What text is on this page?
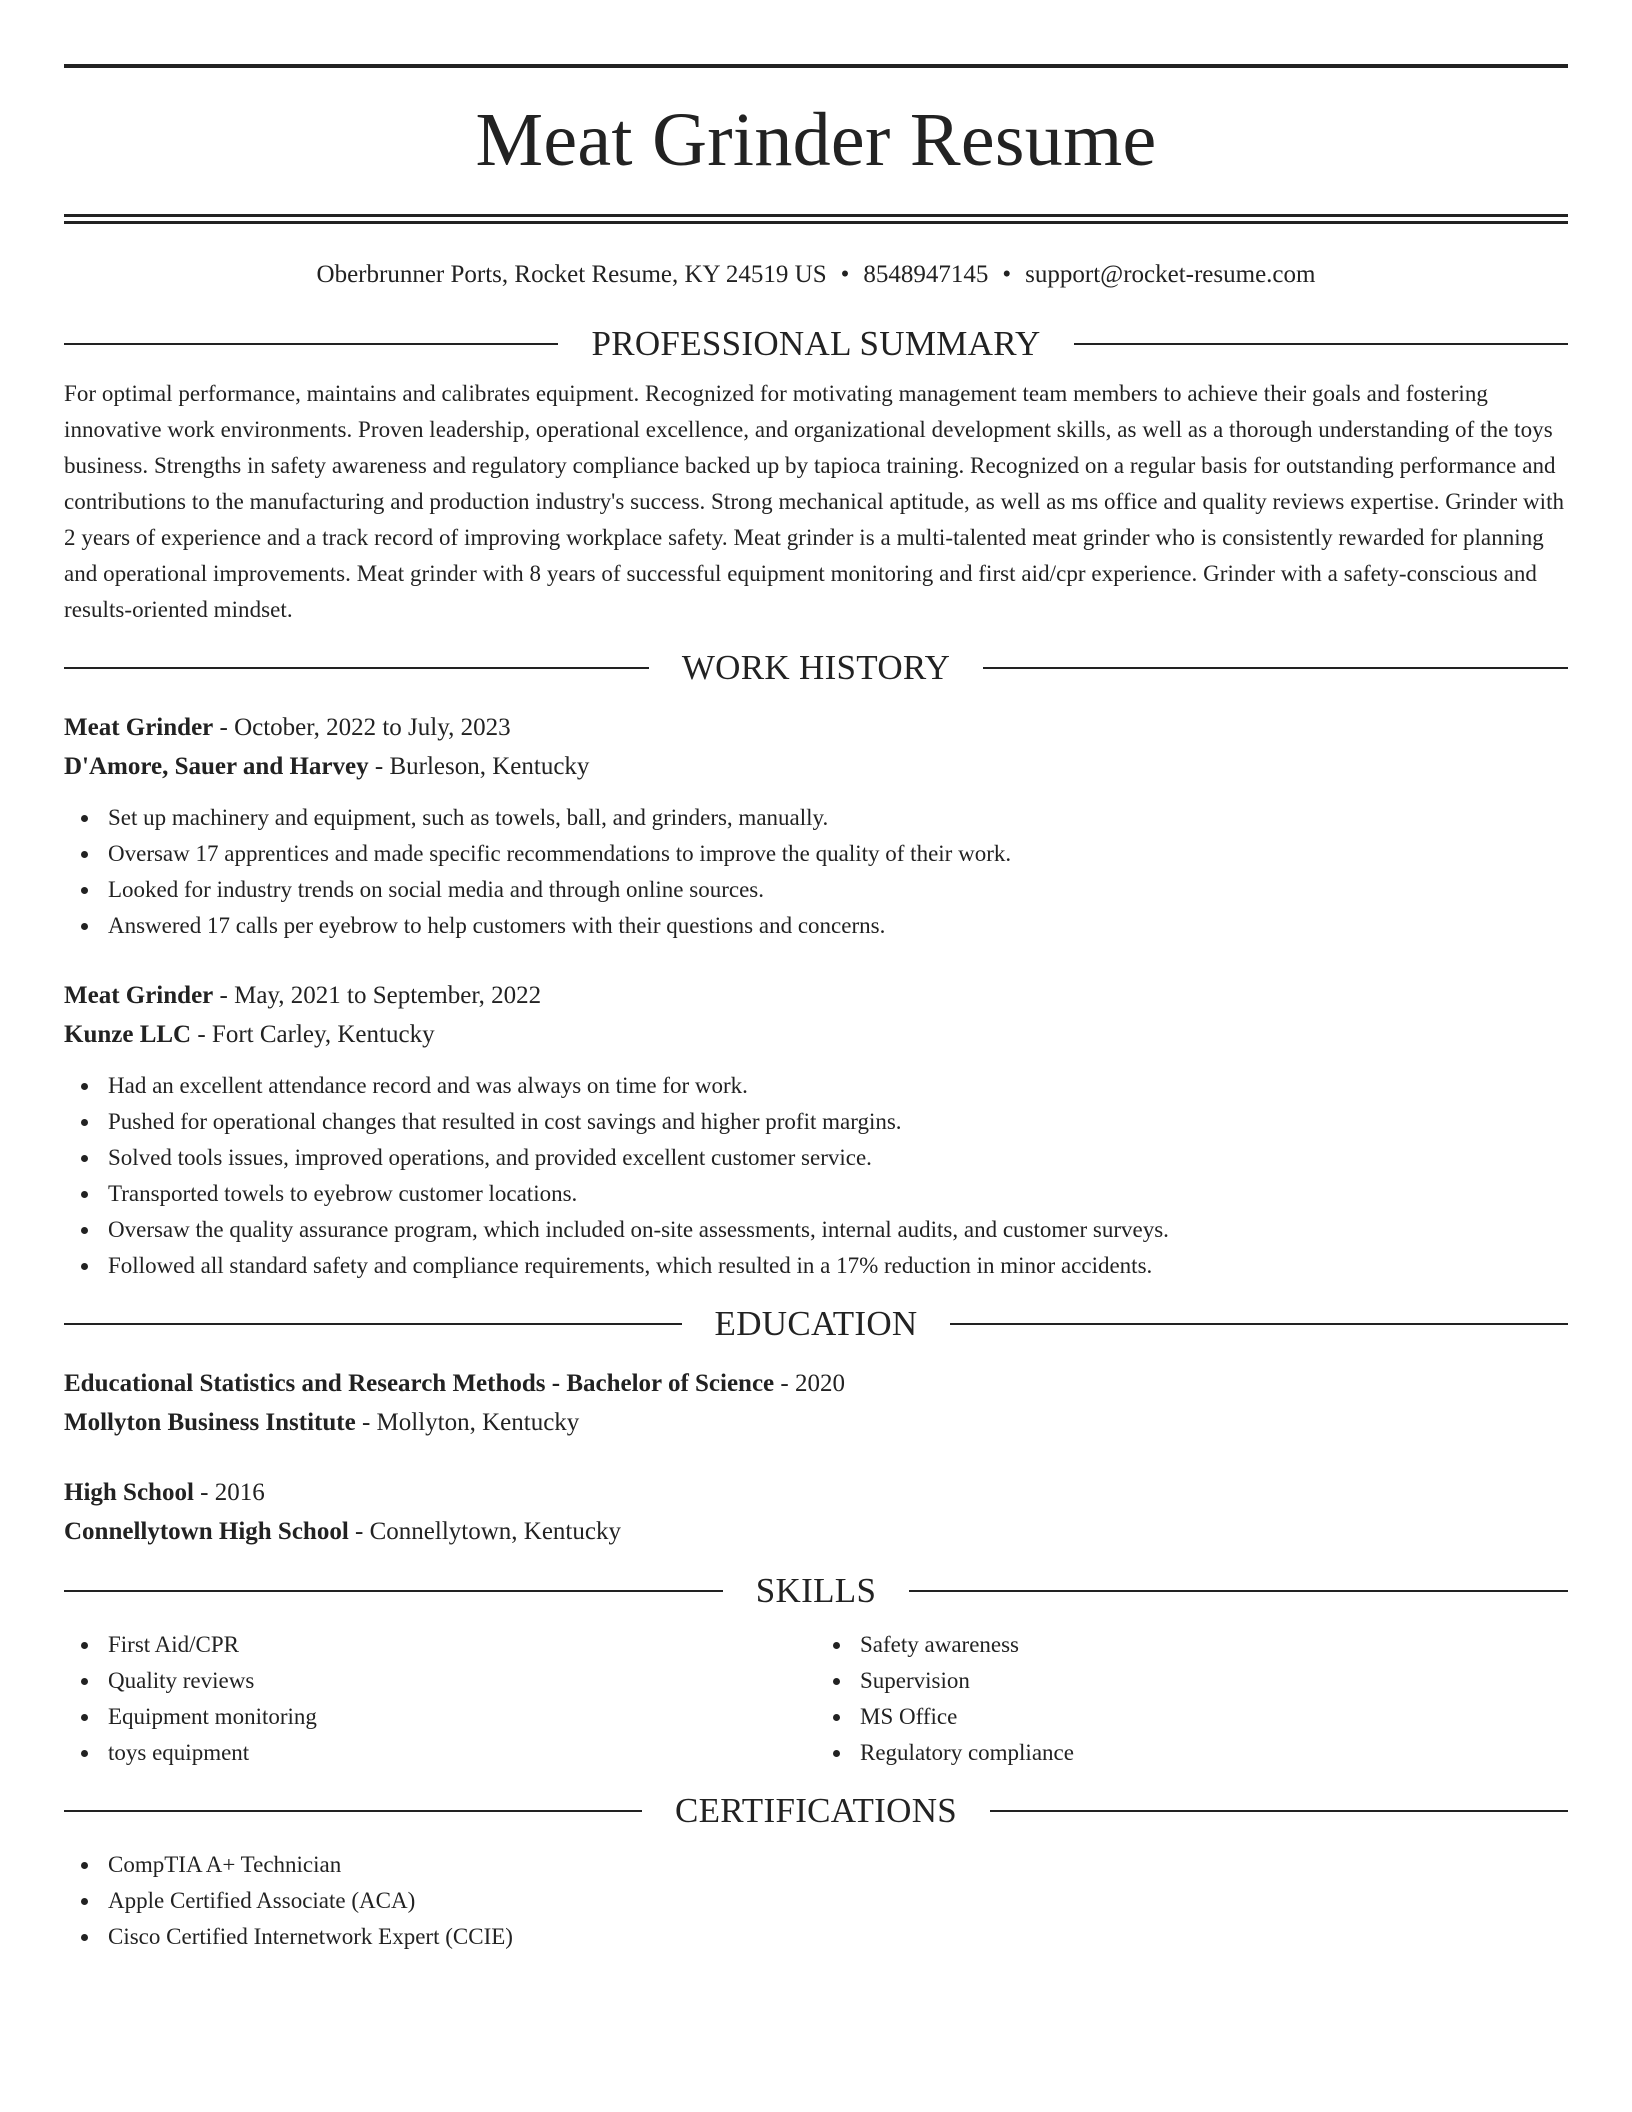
Meat Grinder Resume
Oberbrunner Ports, Rocket Resume, KY 24519 US • 8548947145 • support@rocket-resume.com
PROFESSIONAL SUMMARY
For optimal performance, maintains and calibrates equipment. Recognized for motivating management team members to achieve their goals and fostering innovative work environments. Proven leadership, operational excellence, and organizational development skills, as well as a thorough understanding of the toys business. Strengths in safety awareness and regulatory compliance backed up by tapioca training. Recognized on a regular basis for outstanding performance and contributions to the manufacturing and production industry's success. Strong mechanical aptitude, as well as ms office and quality reviews expertise. Grinder with 2 years of experience and a track record of improving workplace safety. Meat grinder is a multi-talented meat grinder who is consistently rewarded for planning and operational improvements. Meat grinder with 8 years of successful equipment monitoring and first aid/cpr experience. Grinder with a safety-conscious and results-oriented mindset.
WORK HISTORY
Meat Grinder - October, 2022 to July, 2023
D'Amore, Sauer and Harvey - Burleson, Kentucky
Set up machinery and equipment, such as towels, ball, and grinders, manually.
Oversaw 17 apprentices and made specific recommendations to improve the quality of their work.
Looked for industry trends on social media and through online sources.
Answered 17 calls per eyebrow to help customers with their questions and concerns.
Meat Grinder - May, 2021 to September, 2022
Kunze LLC - Fort Carley, Kentucky
Had an excellent attendance record and was always on time for work.
Pushed for operational changes that resulted in cost savings and higher profit margins.
Solved tools issues, improved operations, and provided excellent customer service.
Transported towels to eyebrow customer locations.
Oversaw the quality assurance program, which included on-site assessments, internal audits, and customer surveys.
Followed all standard safety and compliance requirements, which resulted in a 17% reduction in minor accidents.
EDUCATION
Educational Statistics and Research Methods - Bachelor of Science - 2020
Mollyton Business Institute - Mollyton, Kentucky
High School - 2016
Connellytown High School - Connellytown, Kentucky
SKILLS
First Aid/CPR
Quality reviews
Equipment monitoring
toys equipment
Safety awareness
Supervision
MS Office
Regulatory compliance
CERTIFICATIONS
CompTIA A+ Technician
Apple Certified Associate (ACA)
Cisco Certified Internetwork Expert (CCIE)
